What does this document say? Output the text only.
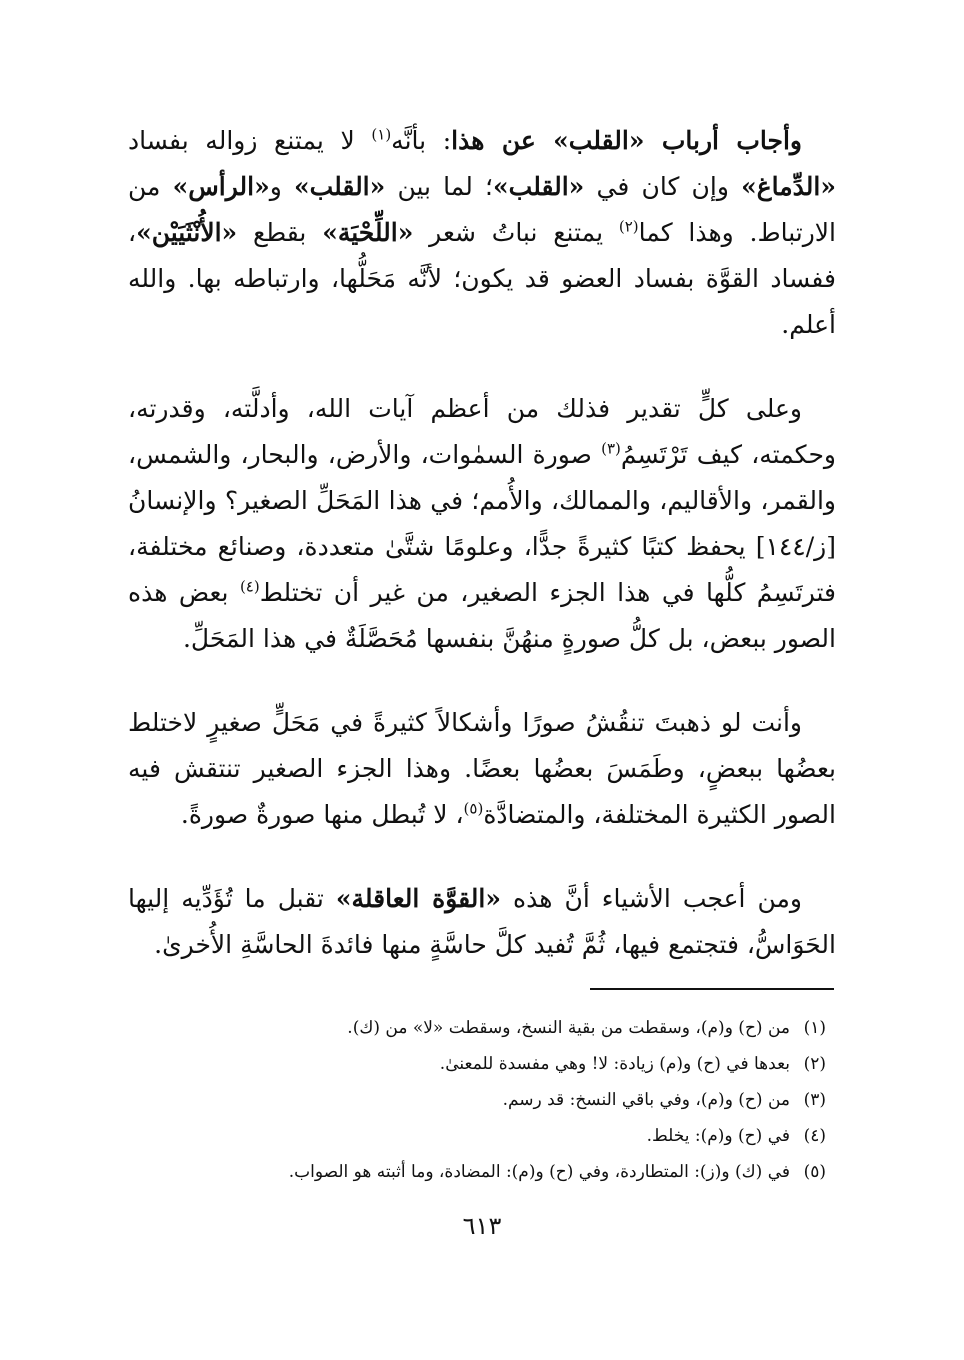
وأجاب أرباب «القلب» عن هذا: بأنَّه$^{(١)}$ لا يمتنع زواله بفساد «الدِّماغ» وإن كان في «القلب»؛ لما بين «القلب» و«الرأس» من الارتباط. وهذا كما$^{(٢)}$ يمتنع نباتُ شعر «اللِّحْيَة» بقطع «الأُنْثَيَيْن»، ففساد القوَّة بفساد العضو قد يكون؛ لأنَّه مَحَلُّها، وارتباطه بها. والله أعلم.

وعلى كلٍّ تقدير فذلك من أعظم آيات الله، وأدلَّته، وقدرته، وحكمته، كيف تَرْتَسِمُ$^{(٣)}$ صورة السمٰوات، والأرض، والبحار، والشمس، والقمر، والأقاليم، والممالك، والأُمم؛ في هذا المَحَلِّ الصغير؟ والإنسانُ [ز/١٤٤] يحفظ كتبًا كثيرةً جدًّا، وعلومًا شتَّىٰ متعددة، وصنائع مختلفة، فترتَسِمُ كلُّها في هذا الجزء الصغير، من غير أن تختلط$^{(٤)}$ بعض هذه الصور ببعض، بل كلُّ صورةٍ منهُنَّ بنفسها مُحَصَّلَةٌ في هذا المَحَلِّ.

وأنت لو ذهبتَ تنقُشُ صورًا وأشكالاً كثيرةً في مَحَلٍّ صغيرٍ لاختلط بعضُها ببعضٍ، وطَمَسَ بعضُها بعضًا. وهذا الجزء الصغير تنتقش فيه الصور الكثيرة المختلفة، والمتضادَّة$^{(٥)}$، لا تُبطل منها صورةٌ صورةً.

ومن أعجب الأشياء أنَّ هذه «القوَّة العاقلة» تقبل ما تُؤَدِّيه إليها الحَوَاسُّ، فتجتمع فيها، ثُمَّ تُفيد كلَّ حاسَّةٍ منها فائدةَ الحاسَّةِ الأُخرىٰ.

(١)من (ح) و(م)، وسقطت من بقية النسخ، وسقطت «لا» من (ك).
(٢)بعدها في (ح) و(م) زيادة: لا! وهي مفسدة للمعنىٰ.
(٣)من (ح) و(م)، وفي باقي النسخ: قد رسم.
(٤)في (ح) و(م): يخلط.
(٥)في (ك) و(ز): المتطاردة، وفي (ح) و(م): المضادة، وما أثبته هو الصواب.
٦١٣
